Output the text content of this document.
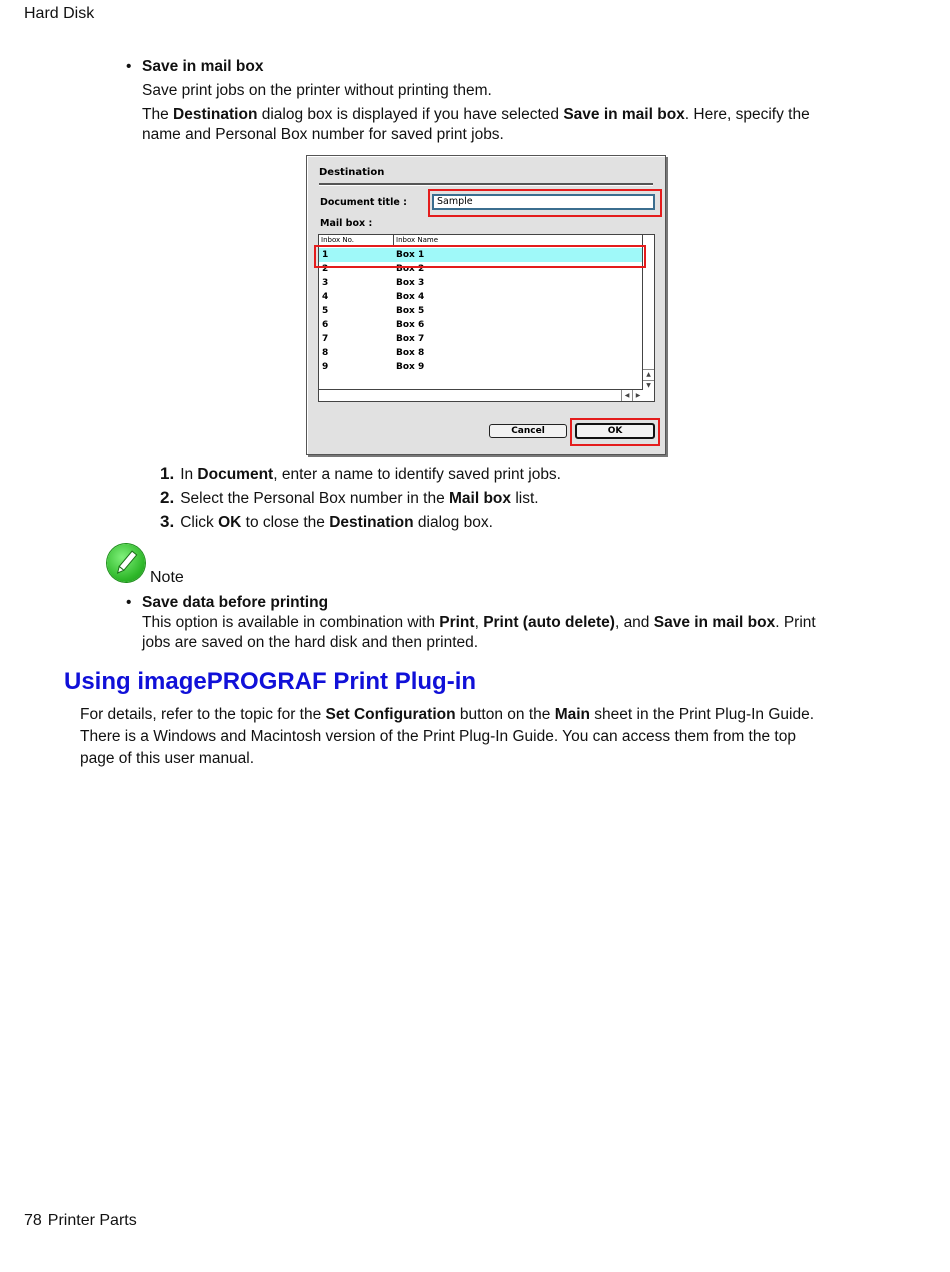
Hard Disk
• Save in mail box
Save print jobs on the printer without printing them.
The Destination dialog box is displayed if you have selected Save in mail box. Here, specify the
name and Personal Box number for saved print jobs.
Destination
Document title :	Sample
Mail box :
Inbox No.	Inbox Name
1	Box 1
2	Box 2
3	Box 3
4	Box 4
5	Box 5
6	Box 6
7	Box 7
8	Box 8
9	Box 9
▲
▼
◀	▶
Cancel	OK
1. In Document, enter a name to identify saved print jobs.
2. Select the Personal Box number in the Mail box list.
3. Click OK to close the Destination dialog box.
Note
• Save data before printing
This option is available in combination with Print, Print (auto delete), and Save in mail box. Print
jobs are saved on the hard disk and then printed.
Using imagePROGRAF Print Plug-in
For details, refer to the topic for the Set Configuration button on the Main sheet in the Print Plug-In Guide.
There is a Windows and Macintosh version of the Print Plug-In Guide. You can access them from the top
page of this user manual.
78 Printer Parts
